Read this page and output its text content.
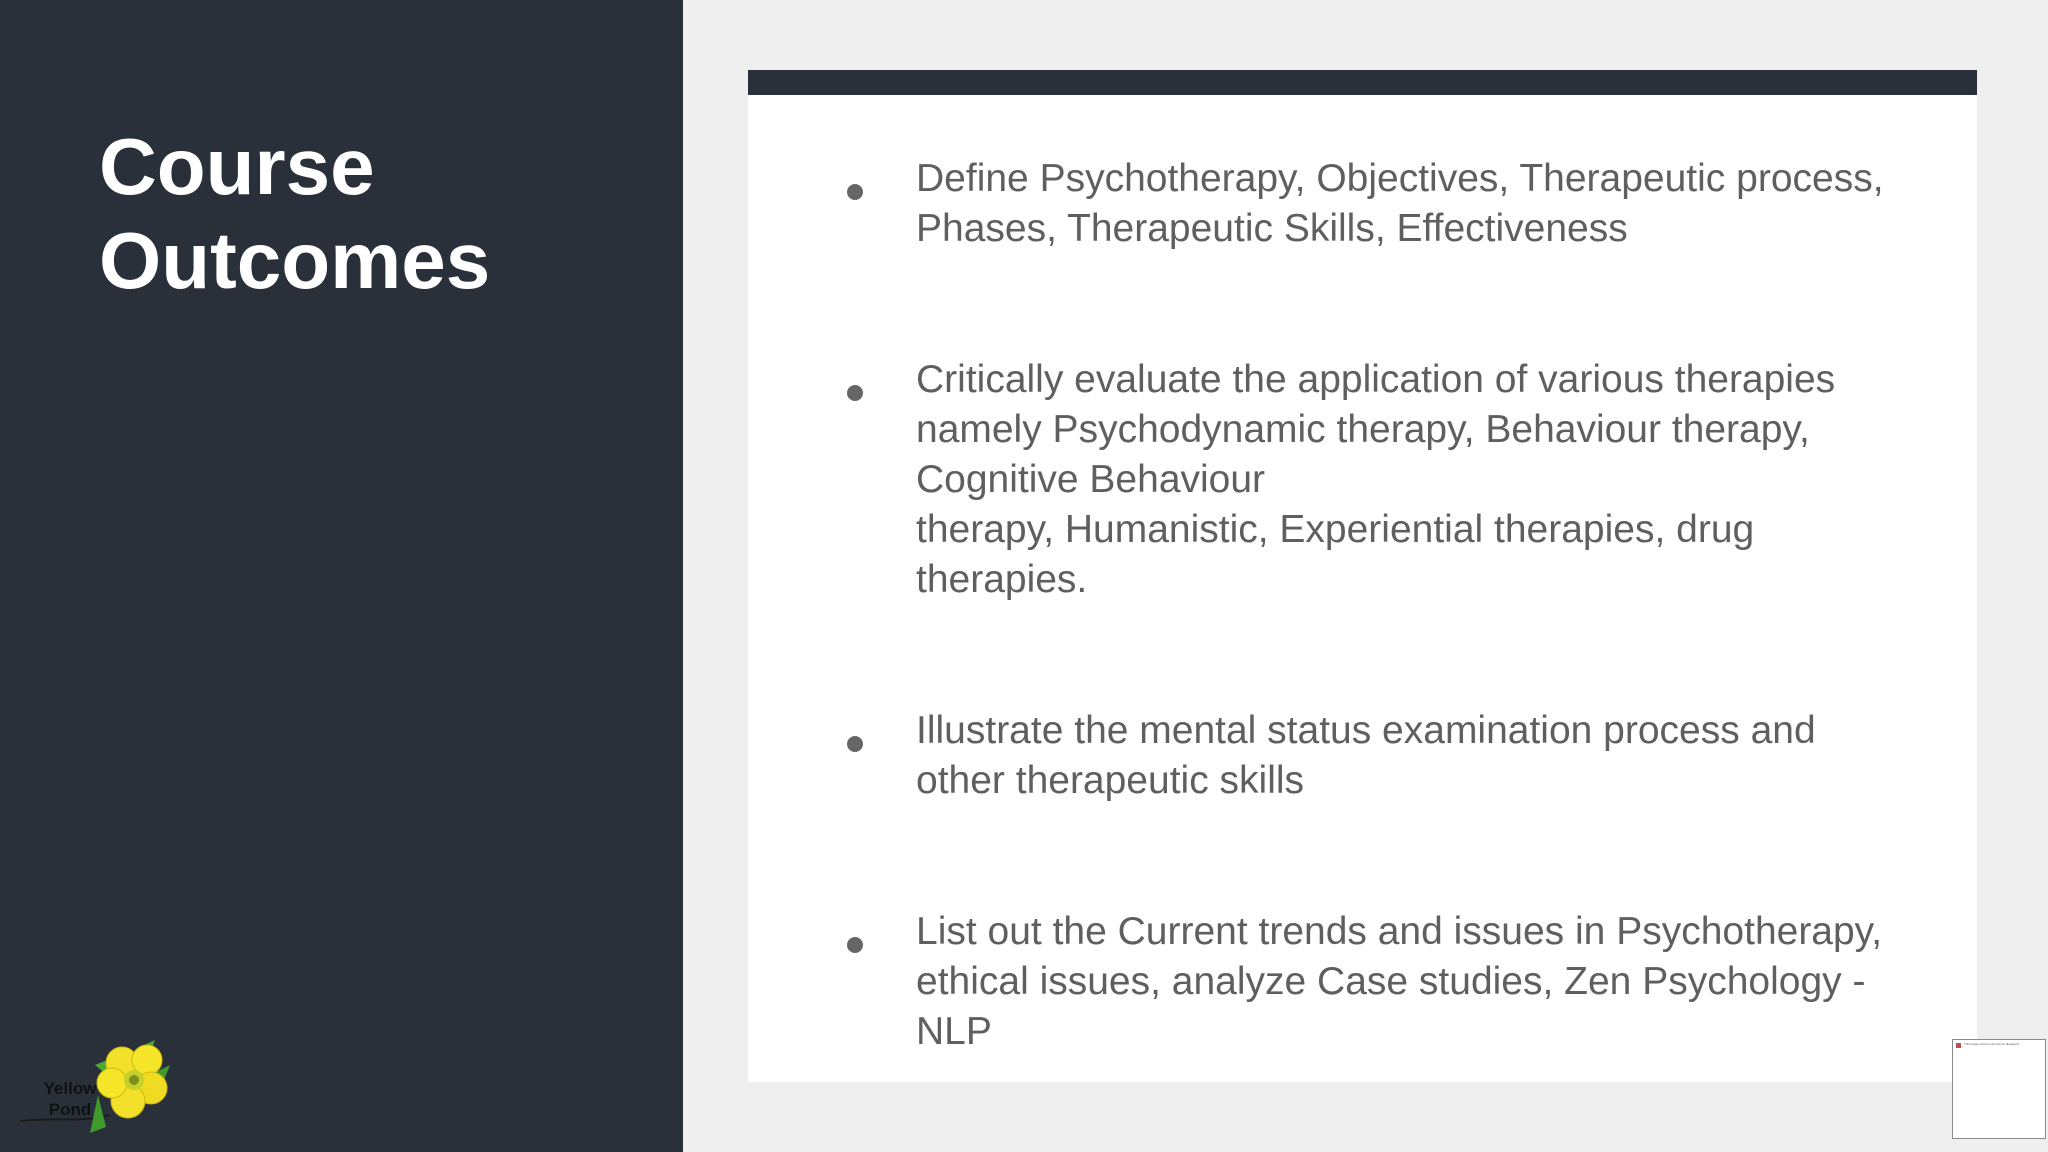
Course
Outcomes
Yellow
Pond

Define Psychotherapy, Objectives, Therapeutic process,
Phases, Therapeutic Skills, Effectiveness

Critically evaluate the application of various therapies
namely Psychodynamic therapy, Behaviour therapy,
Cognitive Behaviour
therapy, Humanistic, Experiential therapies, drug
therapies.

Illustrate the mental status examination process and
other therapeutic skills

List out the Current trends and issues in Psychotherapy,
ethical issues, analyze Case studies, Zen Psychology -
NLP	This image cannot currently be displayed.
